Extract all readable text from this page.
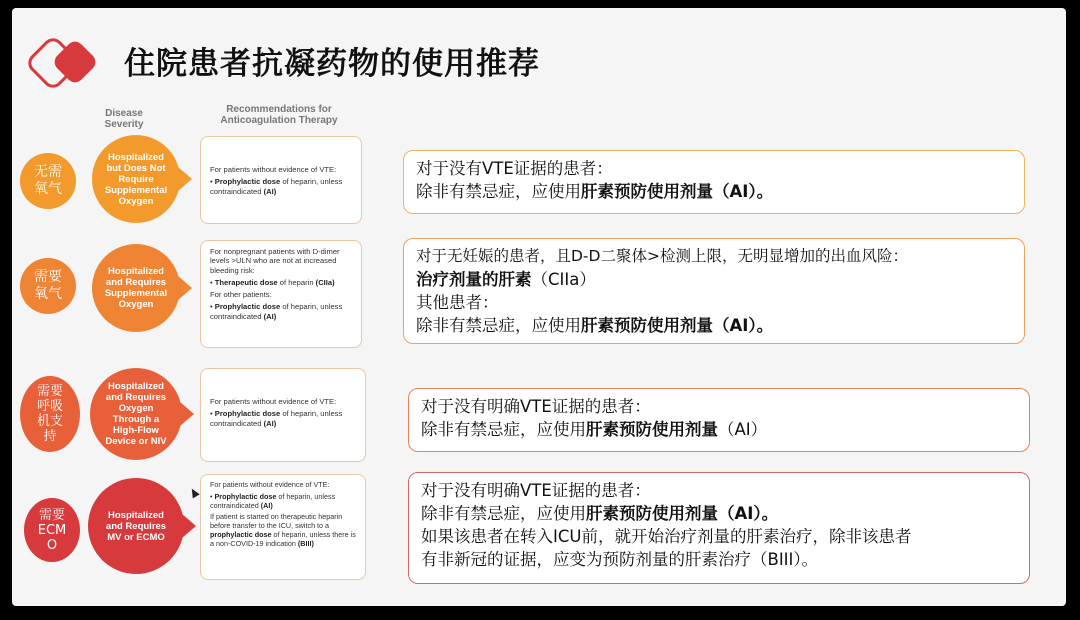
住院患者抗凝药物的使用推荐
Disease Severity
Recommendations for Anticoagulation Therapy
无需
氧气
Hospitalized but Does Not Require Supplemental Oxygen

For patients without evidence of VTE:

• Prophylactic dose of heparin, unless contraindicated (AI)

对于没有VTE证据的患者：
除非有禁忌症，应使用肝素预防使用剂量（AI）。
需要
氧气
Hospitalized and Requires Supplemental Oxygen

For nonpregnant patients with D-dimer levels >ULN who are not at increased bleeding risk:

• Therapeutic dose of heparin (CIIa)

For other patients:

• Prophylactic dose of heparin, unless contraindicated (AI)

对于无妊娠的患者，且D-D二聚体>检测上限，无明显增加的出血风险：
治疗剂量的肝素（CIIa）
其他患者：
除非有禁忌症，应使用肝素预防使用剂量（AI）。
需要
呼吸
机支
持
Hospitalized and Requires Oxygen Through a High-Flow Device or NIV

For patients without evidence of VTE:

• Prophylactic dose of heparin, unless contraindicated (AI)

对于没有明确VTE证据的患者：
除非有禁忌症，应使用肝素预防使用剂量（AI）
需要
ECM
O
Hospitalized and Requires MV or ECMO

For patients without evidence of VTE:

• Prophylactic dose of heparin, unless contraindicated (AI)

If patient is started on therapeutic heparin before transfer to the ICU, switch to a prophylactic dose of heparin, unless there is a non-COVID-19 indication (BIII)

对于没有明确VTE证据的患者：
除非有禁忌症，应使用肝素预防使用剂量（AI）。
如果该患者在转入ICU前，就开始治疗剂量的肝素治疗，除非该患者
有非新冠的证据，应变为预防剂量的肝素治疗（BIII）。
